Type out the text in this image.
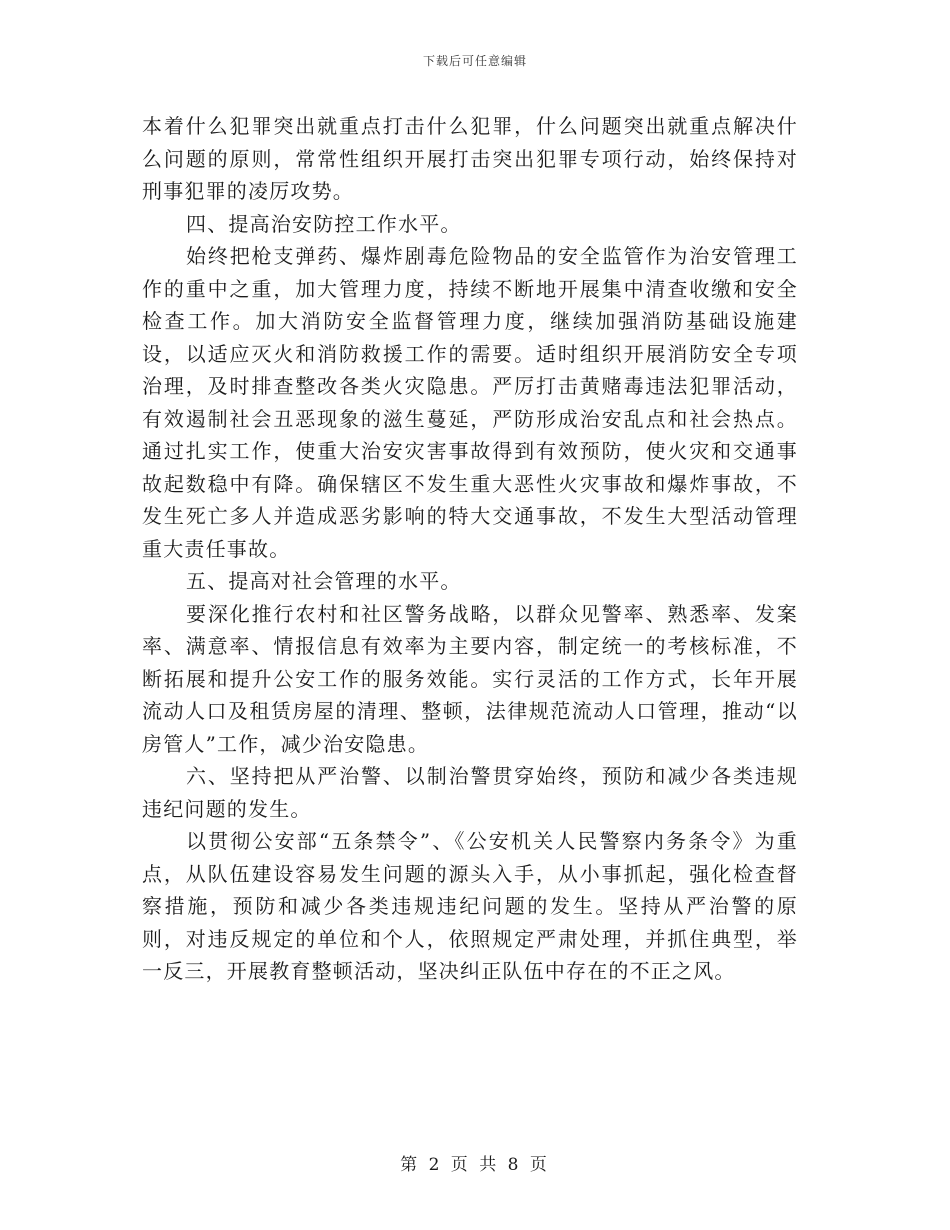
下载后可任意编辑

本着什么犯罪突出就重点打击什么犯罪，什么问题突出就重点解决什么问题的原则，常常性组织开展打击突出犯罪专项行动，始终保持对刑事犯罪的凌厉攻势。

四、提高治安防控工作水平。

始终把枪支弹药、爆炸剧毒危险物品的安全监管作为治安管理工作的重中之重，加大管理力度，持续不断地开展集中清查收缴和安全检查工作。加大消防安全监督管理力度，继续加强消防基础设施建设，以适应灭火和消防救援工作的需要。适时组织开展消防安全专项治理，及时排查整改各类火灾隐患。严厉打击黄赌毒违法犯罪活动，有效遏制社会丑恶现象的滋生蔓延，严防形成治安乱点和社会热点。通过扎实工作，使重大治安灾害事故得到有效预防，使火灾和交通事故起数稳中有降。确保辖区不发生重大恶性火灾事故和爆炸事故，不发生死亡多人并造成恶劣影响的特大交通事故，不发生大型活动管理重大责任事故。

五、提高对社会管理的水平。

要深化推行农村和社区警务战略，以群众见警率、熟悉率、发案率、满意率、情报信息有效率为主要内容，制定统一的考核标准，不断拓展和提升公安工作的服务效能。实行灵活的工作方式，长年开展流动人口及租赁房屋的清理、整顿，法律规范流动人口管理，推动“以房管人”工作，减少治安隐患。

六、坚持把从严治警、以制治警贯穿始终，预防和减少各类违规违纪问题的发生。

以贯彻公安部“五条禁令”、《公安机关人民警察内务条令》为重点，从队伍建设容易发生问题的源头入手，从小事抓起，强化检查督察措施，预防和减少各类违规违纪问题的发生。坚持从严治警的原则，对违反规定的单位和个人，依照规定严肃处理，并抓住典型，举一反三，开展教育整顿活动，坚决纠正队伍中存在的不正之风。

第 2 页 共 8 页
